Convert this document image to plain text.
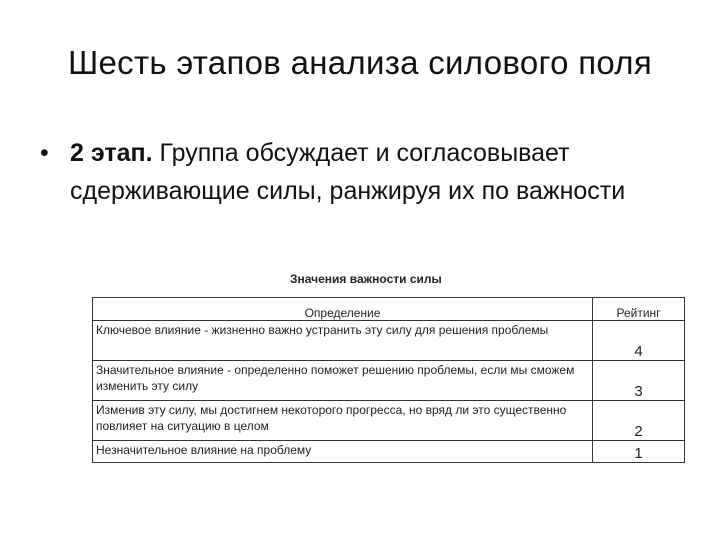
Шесть этапов анализа силового поля
• 2 этап. Группа обсуждает и согласовывает сдерживающие силы, ранжируя их по важности
Значения важности силы
Определение	Рейтинг
Ключевое влияние - жизненно важно устранить эту силу для решения проблемы	4
Значительное влияние - определенно поможет решению проблемы, если мы сможем изменить эту силу	3
Изменив эту силу, мы достигнем некоторого прогресса, но вряд ли это существенно повлияет на ситуацию в целом	2
Незначительное влияние на проблему	1
